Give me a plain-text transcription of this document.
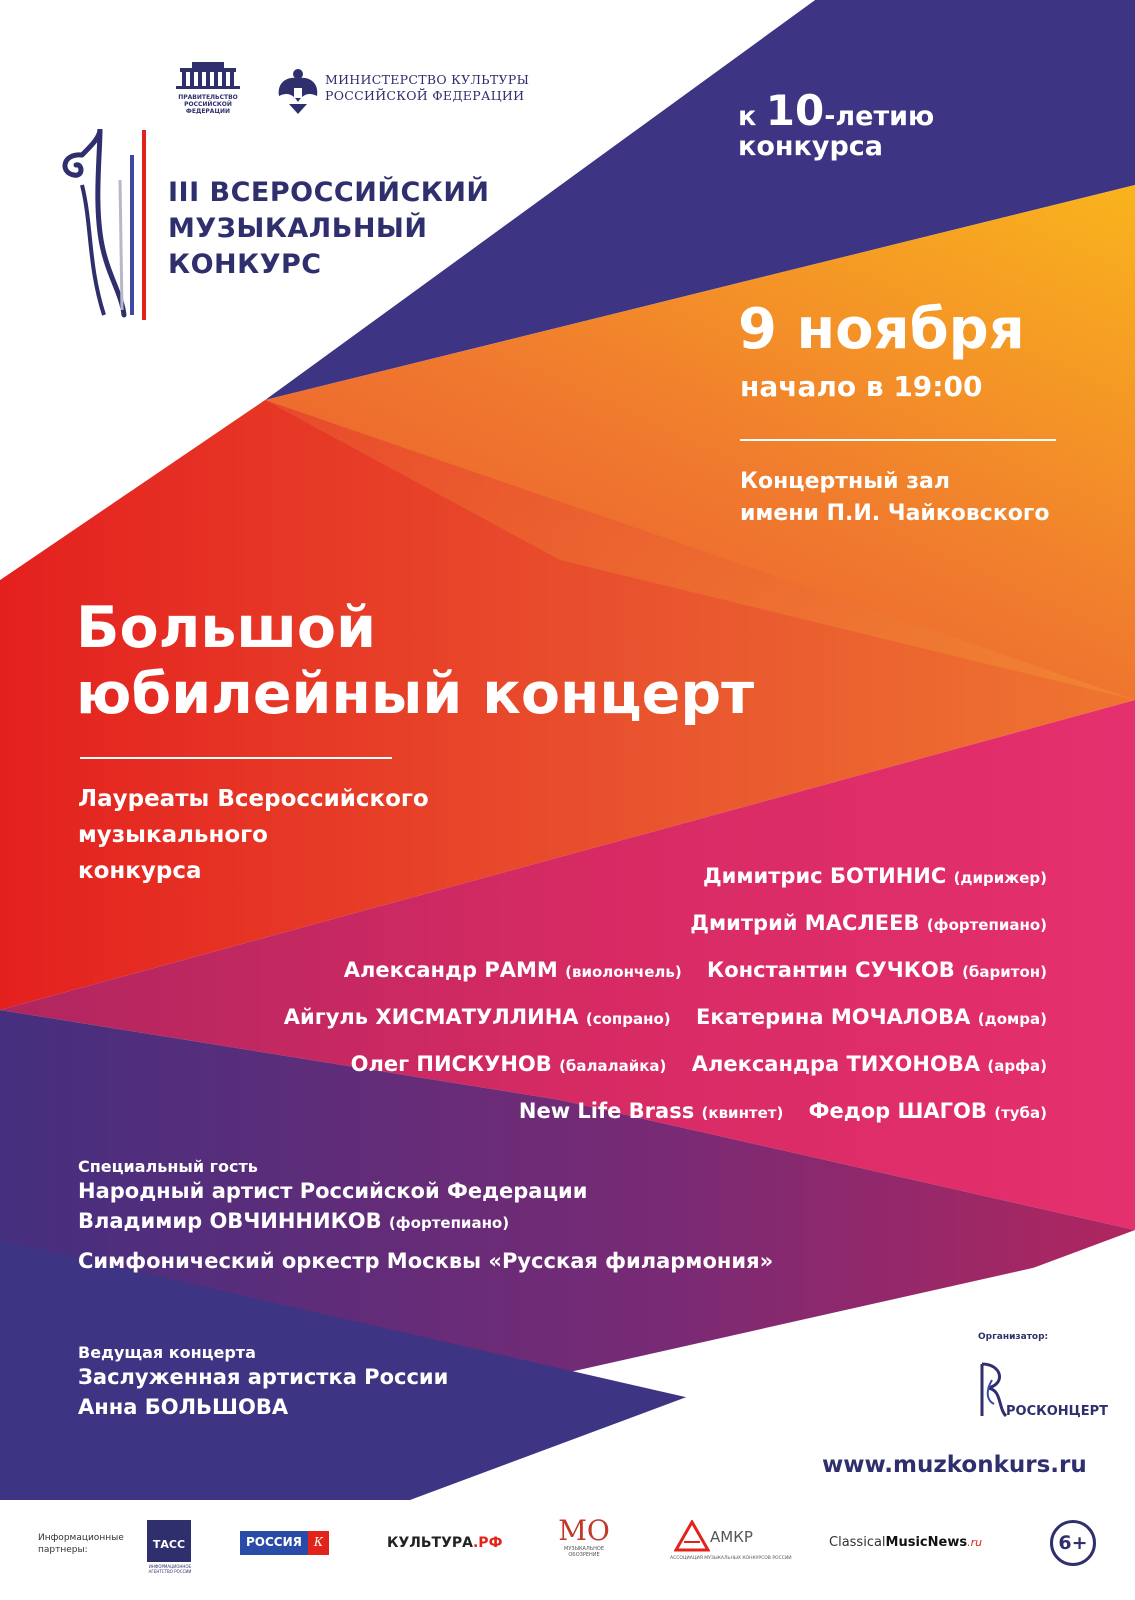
ПРАВИТЕЛЬСТВО РОССИЙСКОЙ ФЕДЕРАЦИИ
МИНИСТЕРСТВО КУЛЬТУРЫ
РОССИЙСКОЙ ФЕДЕРАЦИИ
III ВСЕРОССИЙСКИЙ
МУЗЫКАЛЬНЫЙ
КОНКУРС
к 10-летию
конкурса
9 ноября
начало в 19:00
Концертный зал
имени П.И. Чайковского
Большой
юбилейный концерт
Лауреаты Всероссийского
музыкального
конкурса	Димитрис БОТИНИС (дирижер)
Дмитрий МАСЛЕЕВ (фортепиано)
Александр РАММ (виолончель) Константин СУЧКОВ (баритон)
Айгуль ХИСМАТУЛЛИНА (сопрано) Екатерина МОЧАЛОВА (домра)
Олег ПИСКУНОВ (балалайка) Александра ТИХОНОВА (арфа)
New Life Brass (квинтет) Федор ШАГОВ (туба)
Специальный гость
Народный артист Российской Федерации
Владимир ОВЧИННИКОВ (фортепиано)
Симфонический оркестр Москвы «Русская филармония»
Ведущая концерта
Заслуженная артистка России
Анна БОЛЬШОВА
Организатор:
РОСКОНЦЕРТ
www.muzkonkurs.ru
Информационные
партнеры:	ТАСС
ИНФОРМАЦИОННОЕ АГЕНТСТВО РОССИИ
РОССИЯ	К	КУЛЬТУРА.РФ	МО
МУЗЫКАЛЬНОЕ ОБОЗРЕНИЕ
АМКР
АССОЦИАЦИЯ МУЗЫКАЛЬНЫХ КОНКУРСОВ РОССИИ
ClassicalMusicNews.ru	6+
